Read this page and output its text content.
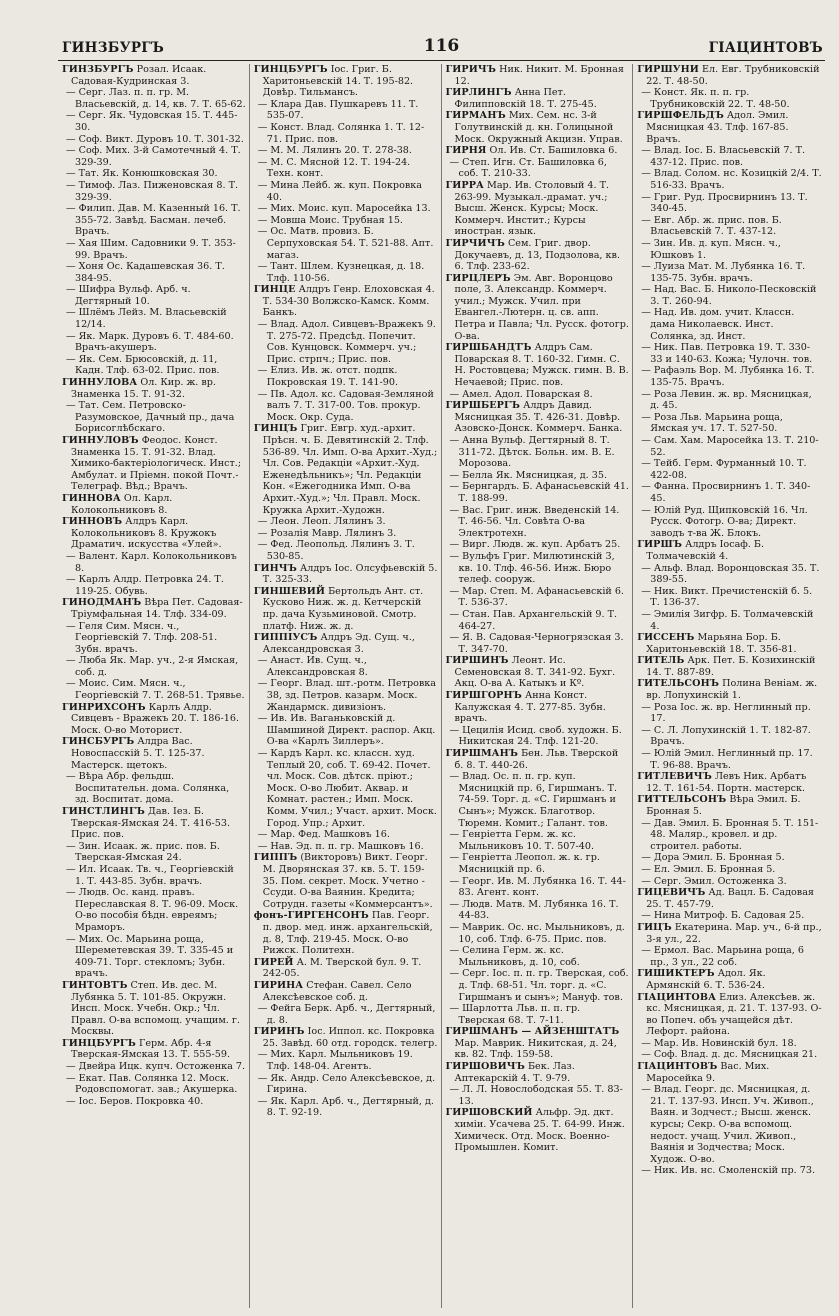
ГИНЗБУРГЪ	116	ГІАЦИНТОВЪ

ГИНЗБУРГЪ Розал. Исаак. Садовая-Кудринская 3.

— Серг. Лаз. п. п. гр. М. Власьевскій, д. 14, кв. 7. Т. 65-62.

— Серг. Як. Чудовская 15. Т. 445-30.

— Соф. Викт. Дуровъ 10. Т. 301-32.

— Соф. Мих. 3-й Самотечный 4. Т. 329-39.

— Тат. Як. Конюшковская 30.

— Тимоф. Лаз. Пиженовская 8. Т. 329-39.

— Филип. Дав. М. Казенный 16. Т. 355-72. Завѣд. Басман. лечеб. Врачъ.

— Хая Шим. Садовники 9. Т. 353-99. Врачъ.

— Хоня Ос. Кадашевская 36. Т. 384-95.

— Шифра Вульф. Арб. ч. Дегтярный 10.

— Шлёмъ Лейз. М. Власьевскій 12/14.

— Як. Марк. Дуровъ 6. Т. 484-60. Врачъ-акушеръ.

— Як. Сем. Брюсовскій, д. 11, Кадн. Тлф. 63-02. Прис. пов.

ГИННУЛОВА Ол. Кир. ж. вр. Знаменка 15. Т. 91-32.

— Тат. Сем. Петровско-Разумовское, Дачный пр., дача Борисоглѣбскаго.

ГИННУЛОВЪ Феодос. Конст. Знаменка 15. Т. 91-32. Влад. Химико-бактеріологическ. Инст.; Амбулат. и Пріемн. покой Почт.-Телеграф. Вѣд.; Врачъ.

ГИННОВА Ол. Карл. Колокольниковъ 8.

ГИННОВЪ Алдръ Карл. Колокольниковъ 8. Кружокъ Драматич. искусства «Улей».

— Валент. Карл. Колокольниковъ 8.

— Карлъ Алдр. Петровка 24. Т. 119-25. Обувь.

ГИНОДМАНЪ Вѣра Пет. Садовая-Тріумфальная 14. Тлф. 334-09.

— Геля Сим. Мясн. ч., Георгіевскій 7. Тлф. 208-51. Зубн. врачъ.

— Люба Як. Мар. уч., 2-я Ямская, соб. д.

— Моис. Сим. Мясн. ч., Георгіевскій 7. Т. 268-51. Трявье.

ГИНРИХСОНЪ Карлъ Алдр. Сивцевъ - Вражекъ 20. Т. 186-16. Моск. О-во Моторист.

ГИНСБУРГЪ Алдра Вас. Новоспасскій 5. Т. 125-37. Мастерск. щетокъ.

— Вѣра Абр. фельдш. Воспитательн. дома. Солянка, зд. Воспитат. дома.

ГИНСТЛИНГЪ Дав. Іез. Б. Тверская-Ямская 24. Т. 416-53. Прис. пов.

— Зин. Исаак. ж. прис. пов. Б. Тверская-Ямская 24.

— Ил. Исаак. Тв. ч., Георгіевскій 1. Т. 443-85. Зубн. врачъ.

— Людв. Ос. канд. правъ. Переславская 8. Т. 96-09. Моск. О-во пособія бѣдн. евреямъ; Мраморъ.

— Мих. Ос. Марьина роща, Шереметевская 39. Т. 335-45 и 409-71. Торг. стекломъ; Зубн. врачъ.

ГИНТОВТЪ Степ. Ив. дес. М. Лубянка 5. Т. 101-85. Окружн. Инсп. Моск. Учебн. Окр.; Чл. Правл. О-ва вспомощ. учащим. г. Москвы.

ГИНЦБУРГЪ Герм. Абр. 4-я Тверская-Ямская 13. Т. 555-59.

— Двейра Ицк. купч. Остоженка 7.

— Екат. Пав. Солянка 12. Моск. Родовспомогат. зав.; Акушерка.

— Іос. Беров. Покровка 40.

ГИНЦБУРГЪ Іос. Григ. Б. Харитоньевскій 14. Т. 195-82. Довѣр. Тильмансъ.

— Клара Дав. Пушкаревъ 11. Т. 535-07.

— Конст. Влад. Солянка 1. Т. 12-71. Прис. пов.

— М. М. Лялинъ 20. Т. 278-38.

— М. С. Мясной 12. Т. 194-24. Техн. конт.

— Мина Лейб. ж. куп. Покровка 40.

— Мих. Моис. куп. Маросейка 13.

— Мовша Моис. Трубная 15.

— Ос. Матв. провиз. Б. Серпуховская 54. Т. 521-88. Апт. магаз.

— Тант. Шлем. Кузнецкая, д. 18. Тлф. 110-56.

ГИНЦЕ Алдръ Генр. Елоховская 4. Т. 534-30 Волжско-Камск. Комм. Банкъ.

— Влад. Адол. Сивцевъ-Вражекъ 9. Т. 275-72. Предсѣд. Попечит. Сов. Кунцовск. Коммерч. уч.; Прис. стрпч.; Прис. пов.

— Елиз. Ив. ж. отст. подпк. Покровская 19. Т. 141-90.

— Пв. Адол. кс. Садовая-Земляной валъ 7. Т. 317-00. Тов. прокур. Моск. Окр. Суда.

ГИНЦЪ Григ. Евгр. худ.-архит. Прѣсн. ч. Б. Девятинскій 2. Тлф. 536-89. Чл. Имп. О-ва Архит.-Худ.; Чл. Сов. Редакціи «Архит.-Худ. Еженедѣльникъ»; Чл. Редакціи Кон. «Ежегодника Имп. О-ва Архит.-Худ.»; Чл. Правл. Моск. Кружка Архит.-Художн.

— Леон. Леоп. Лялинъ 3.

— Розалія Мавр. Лялинъ 3.

— Фед. Леопольд. Лялинъ 3. Т. 530-85.

ГИНЧЪ Алдръ Іос. Олсуфьевскій 5. Т. 325-33.

ГИНШЕВИЙ Бертольдъ Ант. ст. Кусково Ниж. ж. д. Кетчерскій пр. дача Кузьминовой. Смотр. платф. Ниж. ж. д.

ГИППІУСЪ Алдръ Эд. Сущ. ч., Александровская 3.

— Анаст. Ив. Сущ. ч., Александровская 8.

— Георг. Влад. шт.-ротм. Петровка 38, зд. Петров. казарм. Моск. Жандармск. дивизіонъ.

— Ив. Ив. Ваганьковскій д. Шамшиной Директ. распор. Акц. О-ва «Карлъ Зиллеръ».

— Кардъ Карл. кс. классн. худ. Теплый 20, соб. Т. 69-42. Почет. чл. Моск. Сов. дѣтск. пріют.; Моск. О-во Любит. Аквар. и Комнат. растен.; Имп. Моск. Комм. Учил.; Участ. архит. Моск. Город. Упр.; Архит.

— Мар. Фед. Машковъ 16.

— Нав. Эд. п. п. гр. Машковъ 16.

ГИППЪ (Викторовъ) Викт. Георг. М. Дворянская 37. кв. 5. Т. 159-35. Пом. секрет. Моск. Учетно - Ссуди. О-ва Ваянин. Кредита; Сотрудн. газеты «Коммерсантъ».

фонъ-ГИРГЕНСОНЪ Пав. Георг. п. двор. мед. инж. архангельскій, д. 8, Тлф. 219-45. Моск. О-во Рижск. Политехн.

ГИРЕЙ А. М. Тверской бул. 9. Т. 242-05.

ГИРИНА Стефан. Савел. Село Алексѣевское соб. д.

— Фейга Берк. Арб. ч., Дегтярный, д. 8.

ГИРИНЪ Іос. Иппол. кс. Покровка 25. Завѣд. 60 отд. городск. телегр.

— Мих. Карл. Мыльниковъ 19. Тлф. 148-04. Агентъ.

— Як. Андр. Село Алексѣевское, д. Гирина.

— Як. Карл. Арб. ч., Дегтярный, д. 8. Т. 92-19.

ГИРИЧЪ Ник. Никит. М. Бронная 12.

ГИРЛИНГЪ Анна Пет. Филипповскій 18. Т. 275-45.

ГИРМАНЪ Мих. Сем. нс. 3-й Голутвинскій д. кн. Голицыной Моск. Окружный Акцизн. Управ.

ГИРНЯ Ол. Ив. Ст. Башиловка 6.

— Степ. Игн. Ст. Башиловка 6, соб. Т. 210-33.

ГИРРА Мар. Ив. Столовый 4. Т. 263-99. Музыкал.-драмат. уч.; Высш. Женск. Курсы; Моск. Коммерч. Инстит.; Курсы иностран. язык.

ГИРЧИЧЪ Сем. Григ. двор. Докучаевъ, д. 13, Подзолова, кв. 6. Тлф. 233-62.

ГИРЦЛЕРЪ Эм. Авг. Воронцово поле, 3. Александр. Коммерч. учил.; Мужск. Учил. при Евангел.-Лютерн. ц. св. апп. Петра и Павла; Чл. Русск. фотогр. О-ва.

ГИРШБАНДТЪ Алдръ Сам. Поварская 8. Т. 160-32. Гимн. С. Н. Ростовцева; Мужск. гимн. В. В. Нечаевой; Прис. пов.

— Амел. Адол. Поварская 8.

ГИРШБЕРГЪ Алдръ Давид. Мясницкая 35. Т. 426-31. Довѣр. Азовско-Донск. Коммерч. Банка.

— Анна Вульф. Дегтярный 8. Т. 311-72. Дѣтск. Больн. им. В. Е. Морозова.

— Белла Як. Мясницкая, д. 35.

— Бернгардъ. Б. Афанасьевскій 41. Т. 188-99.

— Вас. Григ. инж. Введенскій 14. Т. 46-56. Чл. Совѣта О-ва Электротехн.

— Вирг. Людв. ж. куп. Арбатъ 25.

— Вульфъ Григ. Милютинскій 3, кв. 10. Тлф. 46-56. Инж. Бюро телеф. сооруж.

— Мар. Степ. М. Афанасьевскій 6. Т. 536-37.

— Стан. Пав. Архангельскій 9. Т. 464-27.

— Я. В. Садовая-Черногрязская 3. Т. 347-70.

ГИРШИНЪ Леонт. Ис. Семеновская 8. Т. 341-92. Бухг. Акц. О-ва А. Катыкъ и Кº.

ГИРШГОРНЪ Анна Конст. Калужская 4. Т. 277-85. Зубн. врачъ.

— Цецилія Исид. своб. художн. Б. Никитская 24. Тлф. 121-20.

ГИРШМАНЪ Бен. Льв. Тверской б. 8. Т. 440-26.

— Влад. Ос. п. п. гр. куп. Мясницкій пр. 6, Гиршманъ. Т. 74-59. Торг. д. «С. Гиршманъ и Сынъ»; Мужск. Благотвор. Тюремн. Комит.; Галант. тов.

— Генріетта Герм. ж. кс. Мыльниковъ 10. Т. 507-40.

— Генріетта Леопол. ж. к. гр. Мясницкій пр. 6.

— Георг. Ив. М. Лубянка 16. Т. 44-83. Агент. конт.

— Людв. Матв. М. Лубянка 16. Т. 44-83.

— Маврик. Ос. нс. Мыльниковъ, д. 10, соб. Тлф. 6-75. Прис. пов.

— Селина Герм. ж. кс. Мыльниковъ, д. 10, соб.

— Серг. Іос. п. п. гр. Тверская, соб. д. Тлф. 68-51. Чл. торг. д. «С. Гиршманъ и сынъ»; Мануф. тов.

— Шарлотта Льв. п. п. гр. Тверская 68. Т. 7-11.

ГИРШМАНЪ — АЙЗЕНШТАТЪ Мар. Маврик. Никитская, д. 24, кв. 82. Тлф. 159-58.

ГИРШОВИЧЪ Бек. Лаз. Аптекарскій 4. Т. 9-79.

— Л. Л. Новослободская 55. Т. 83-13.

ГИРШОВСКИЙ Альфр. Эд. дкт. химіи. Усачева 25. Т. 64-99. Инж. Химическ. Отд. Моск. Военно-Промышлен. Комит.

ГИРШУНИ Ел. Евг. Трубниковскій 22. Т. 48-50.

— Конст. Як. п. п. гр. Трубниковскій 22. Т. 48-50.

ГИРШФЕЛЬДЪ Адол. Эмил. Мясницкая 43. Тлф. 167-85. Врачъ.

— Влад. Іос. Б. Власьевскій 7. Т. 437-12. Прис. пов.

— Влад. Солом. нс. Козицкій 2/4. Т. 516-33. Врачъ.

— Григ. Руд. Просвирнинъ 13. Т. 340-45.

— Евг. Абр. ж. прис. пов. Б. Власьевскій 7. Т. 437-12.

— Зин. Ив. д. куп. Мясн. ч., Юшковъ 1.

— Луиза Мат. М. Лубянка 16. Т. 135-75. Зубн. врачъ.

— Над. Вас. Б. Николо-Песковскій 3. Т. 260-94.

— Над. Ив. дом. учит. Классн. дама Николаевск. Инст. Солянка, зд. Инст.

— Ник. Пав. Петровка 19. Т. 330-33 и 140-63. Кожа; Чулочн. тов.

— Рафаэль Вор. М. Лубянка 16. Т. 135-75. Врачъ.

— Роза Левин. ж. вр. Мясницкая, д. 45.

— Роза Льв. Марьина роща, Ямская уч. 17. Т. 527-50.

— Сам. Хам. Маросейка 13. Т. 210-52.

— Тейб. Герм. Фурманный 10. Т. 422-08.

— Фанна. Просвирнинъ 1. Т. 340-45.

— Юлій Руд. Щипковскій 16. Чл. Русск. Фотогр. О-ва; Директ. заводъ т-ва Ж. Блокъ.

ГИРШЪ Алдръ Іосаф. Б. Толмачевскій 4.

— Альф. Влад. Воронцовская 35. Т. 389-55.

— Ник. Викт. Пречистенскій б. 5. Т. 136-37.

— Эмилія Зигфр. Б. Толмачевскій 4.

ГИССЕНЪ Марьяна Бор. Б. Харитоньевскій 18. Т. 356-81.

ГИТЕЛЬ Арк. Пет. Б. Козихинскій 14. Т. 887-89.

ГИТЕЛЬСОНЪ Полина Веніам. ж. вр. Лопухинскій 1.

— Роза Іос. ж. вр. Неглинный пр. 17.

— С. Л. Лопухинскій 1. Т. 182-87. Врачъ.

— Юлій Эмил. Неглинный пр. 17. Т. 96-88. Врачъ.

ГИТЛЕВИЧЪ Левъ Ник. Арбатъ 12. Т. 161-54. Портн. мастерск.

ГИТТЕЛЬСОНЪ Вѣра Эмил. Б. Бронная 5.

— Дав. Эмил. Б. Бронная 5. Т. 151-48. Маляр., кровел. и др. строител. работы.

— Дора Эмил. Б. Бронная 5.

— Ел. Эмил. Б. Бронная 5.

— Серг. Эмил. Остоженка 3.

ГИЦЕВИЧЪ Ад. Вацл. Б. Садовая 25. Т. 457-79.

— Нина Митроф. Б. Садовая 25.

ГИЦЪ Екатерина. Мар. уч., 6-й пр., 3-я ул., 22.

— Ермол. Вас. Марьина роща, 6 пр., 3 ул., 22 соб.

ГИШИКТЕРЪ Адол. Як. Армянскій 6. Т. 536-24.

ГІАЦИНТОВА Елиз. Алексѣев. ж. кс. Мясницкая, д. 21. Т. 137-93. О-во Попеч. объ учащейся дѣт. Лефорт. района.

— Мар. Ив. Новинскій бул. 18.

— Соф. Влад. д. дс. Мясницкая 21.

ГІАЦИНТОВЪ Вас. Мих. Маросейка 9.

— Влад. Георг. дс. Мясницкая, д. 21. Т. 137-93. Инсп. Уч. Живоп., Ваян. и Зодчест.; Высш. женск. курсы; Секр. О-ва вспомощ. недост. учащ. Учил. Живоп., Ваянія и Зодчества; Моск. Худож. О-во.

— Ник. Ив. нс. Смоленскій пр. 73.
